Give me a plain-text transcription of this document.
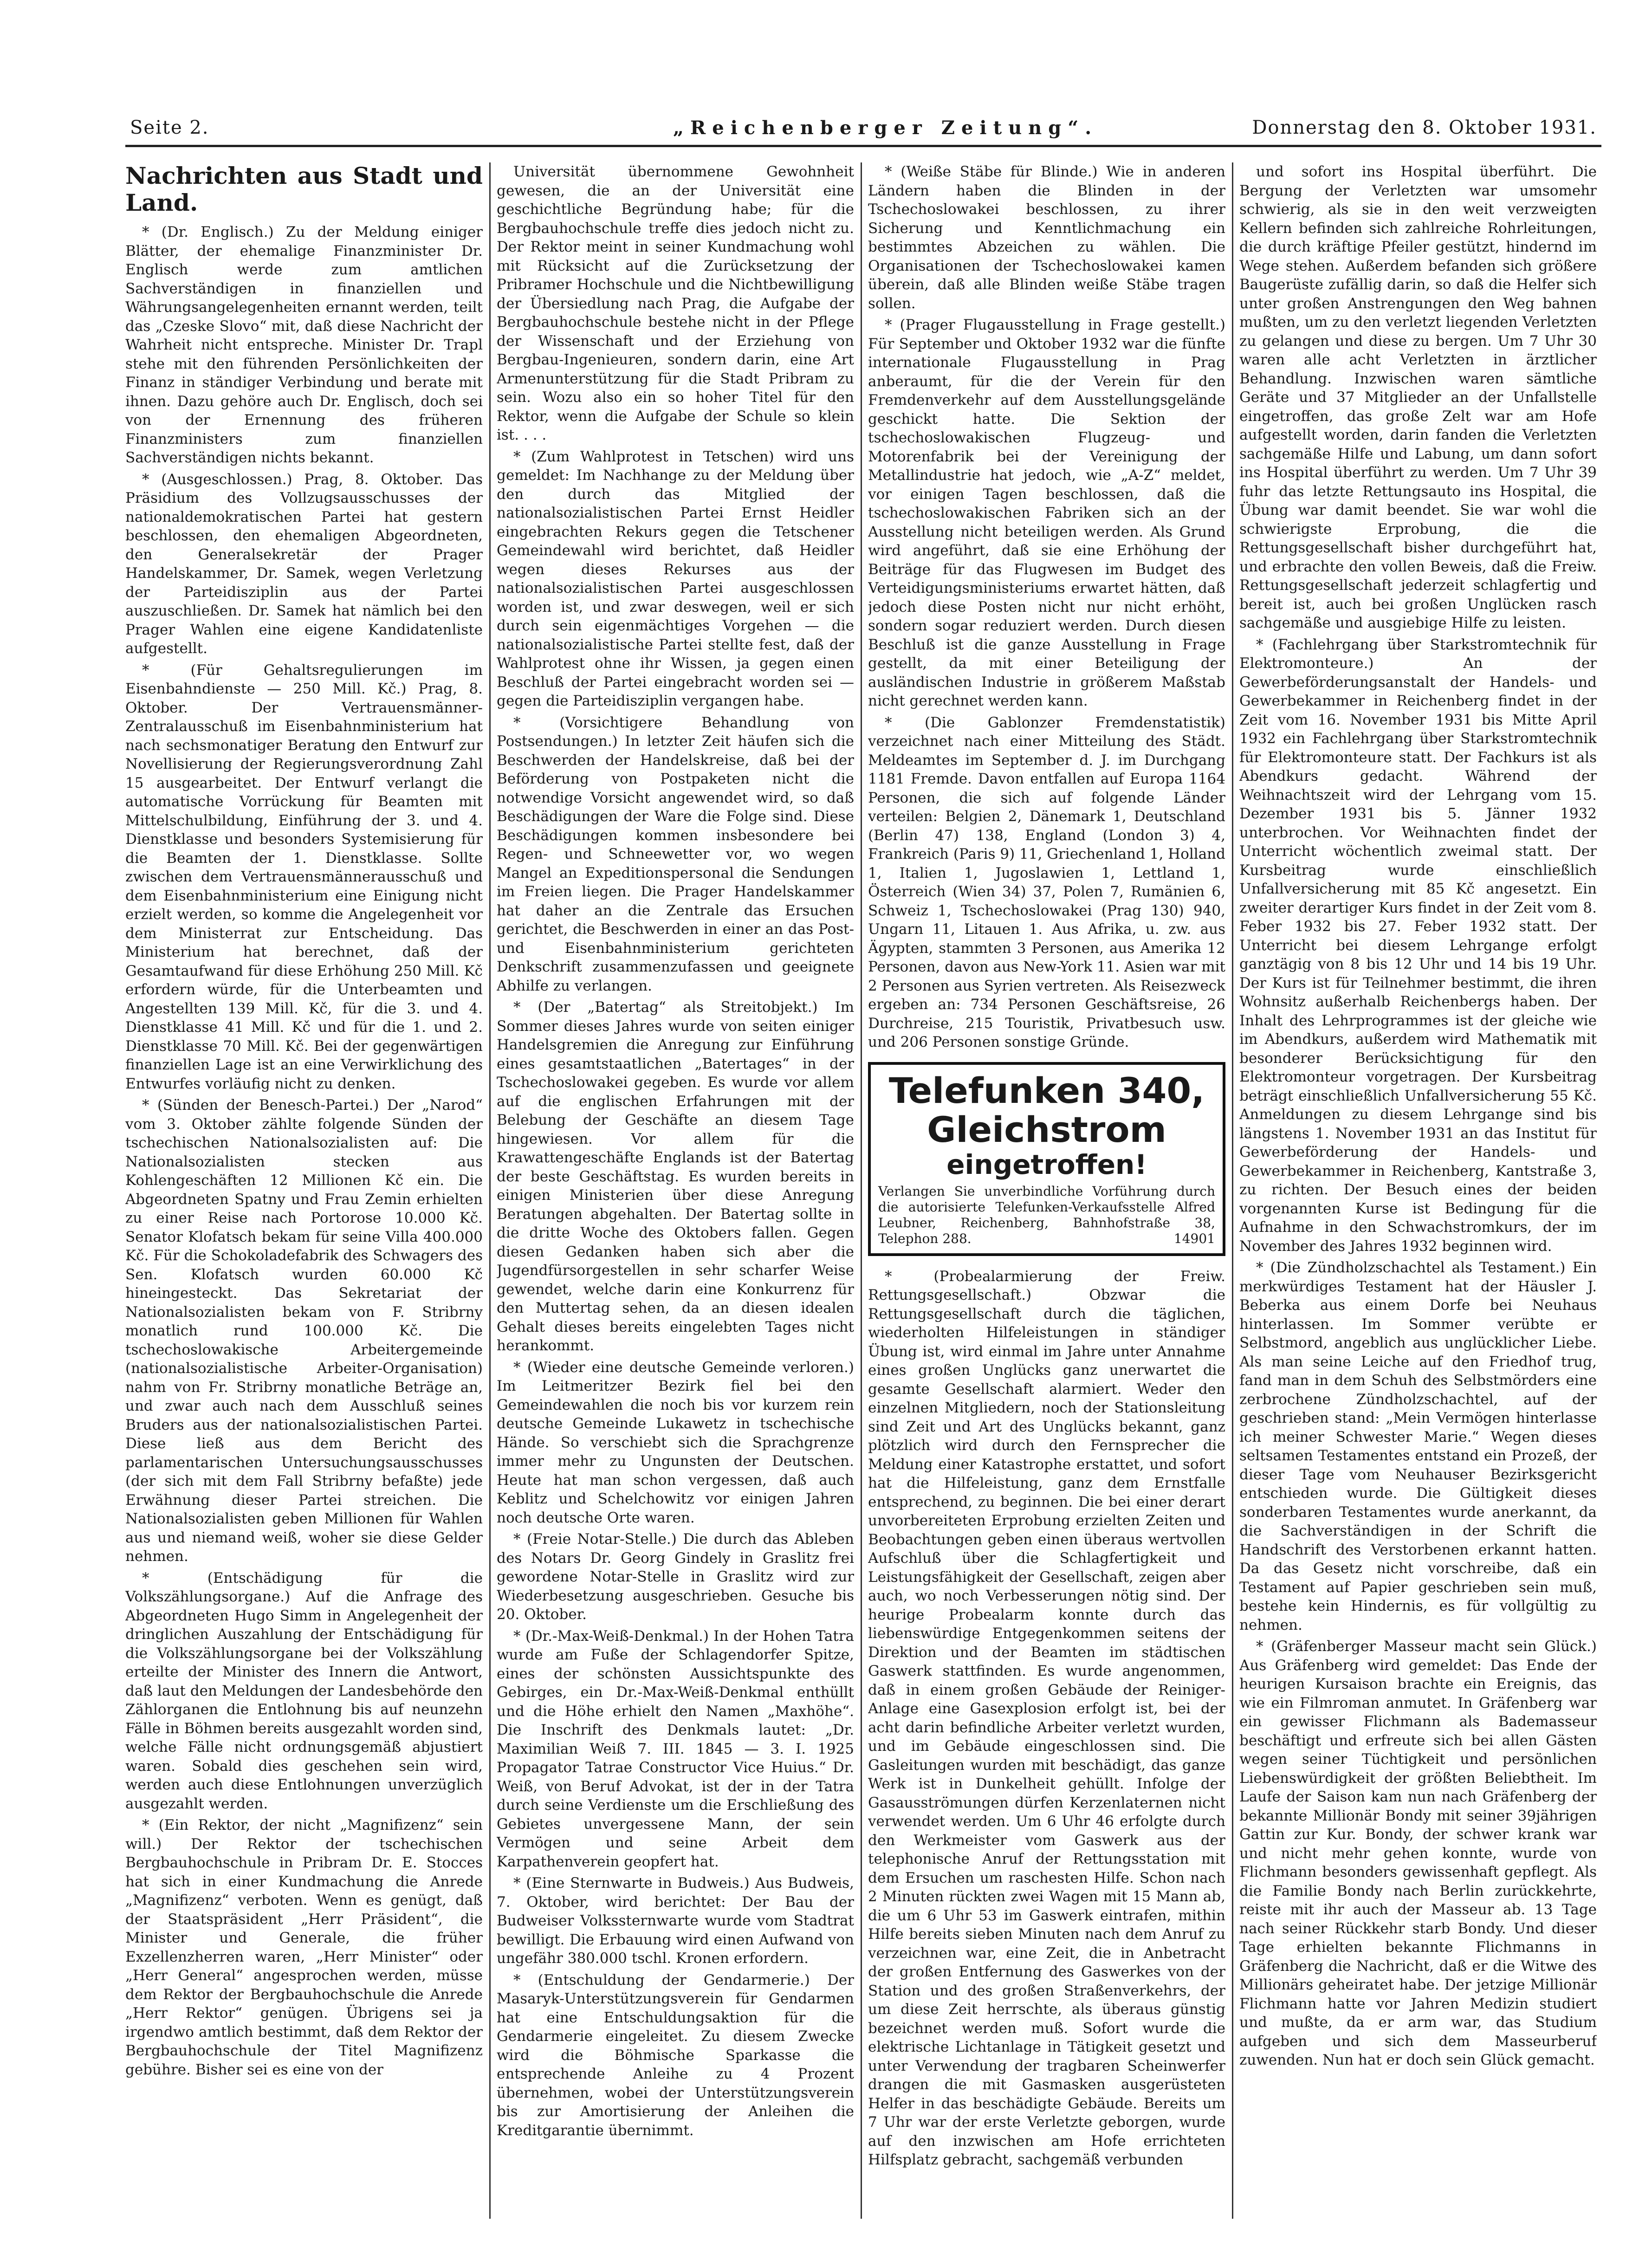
Seite 2.	„Reichenberger Zeitung“.	Donnerstag den 8. Oktober 1931.
Nachrichten aus Stadt und Land.

* (Dr. Englisch.) Zu der Meldung einiger Blätter, der ehemalige Finanzminister Dr. Englisch werde zum amtlichen Sachverständigen in finanziellen und Währungsangelegenheiten ernannt werden, teilt das „Czeske Slovo“ mit, daß diese Nachricht der Wahrheit nicht entspreche. Minister Dr. Trapl stehe mit den führenden Persönlichkeiten der Finanz in ständiger Verbindung und berate mit ihnen. Dazu gehöre auch Dr. Englisch, doch sei von der Ernennung des früheren Finanzministers zum finanziellen Sachverständigen nichts bekannt.

* (Ausgeschlossen.) Prag, 8. Oktober. Das Präsidium des Vollzugsausschusses der nationaldemokratischen Partei hat gestern beschlossen, den ehemaligen Abgeordneten, den Generalsekretär der Prager Handelskammer, Dr. Samek, wegen Verletzung der Parteidisziplin aus der Partei auszuschließen. Dr. Samek hat nämlich bei den Prager Wahlen eine eigene Kandidatenliste aufgestellt.

* (Für Gehaltsregulierungen im Eisenbahndienste — 250 Mill. Kč.) Prag, 8. Oktober. Der Vertrauensmänner-Zentralausschuß im Eisenbahnministerium hat nach sechsmonatiger Beratung den Entwurf zur Novellisierung der Regierungsverordnung Zahl 15 ausgearbeitet. Der Entwurf verlangt die automatische Vorrückung für Beamten mit Mittelschulbildung, Einführung der 3. und 4. Dienstklasse und besonders Systemisierung für die Beamten der 1. Dienstklasse. Sollte zwischen dem Vertrauensmännerausschuß und dem Eisenbahnministerium eine Einigung nicht erzielt werden, so komme die Angelegenheit vor dem Ministerrat zur Entscheidung. Das Ministerium hat berechnet, daß der Gesamtaufwand für diese Erhöhung 250 Mill. Kč erfordern würde, für die Unterbeamten und Angestellten 139 Mill. Kč, für die 3. und 4. Dienstklasse 41 Mill. Kč und für die 1. und 2. Dienstklasse 70 Mill. Kč. Bei der gegenwärtigen finanziellen Lage ist an eine Verwirklichung des Entwurfes vorläufig nicht zu denken.

* (Sünden der Benesch-Partei.) Der „Narod“ vom 3. Oktober zählte folgende Sünden der tschechischen Nationalsozialisten auf: Die Nationalsozialisten stecken aus Kohlengeschäften 12 Millionen Kč ein. Die Abgeordneten Spatny und Frau Zemin erhielten zu einer Reise nach Portorose 10.000 Kč. Senator Klofatsch bekam für seine Villa 400.000 Kč. Für die Schokoladefabrik des Schwagers des Sen. Klofatsch wurden 60.000 Kč hineingesteckt. Das Sekretariat der Nationalsozialisten bekam von F. Stribrny monatlich rund 100.000 Kč. Die tschechoslowakische Arbeitergemeinde (nationalsozialistische Arbeiter-Organisation) nahm von Fr. Stribrny monatliche Beträge an, und zwar auch nach dem Ausschluß seines Bruders aus der nationalsozialistischen Partei. Diese ließ aus dem Bericht des parlamentarischen Untersuchungsausschusses (der sich mit dem Fall Stribrny befaßte) jede Erwähnung dieser Partei streichen. Die Nationalsozialisten geben Millionen für Wahlen aus und niemand weiß, woher sie diese Gelder nehmen.

* (Entschädigung für die Volkszählungsorgane.) Auf die Anfrage des Abgeordneten Hugo Simm in Angelegenheit der dringlichen Auszahlung der Entschädigung für die Volkszählungsorgane bei der Volkszählung erteilte der Minister des Innern die Antwort, daß laut den Meldungen der Landesbehörde den Zählorganen die Entlohnung bis auf neunzehn Fälle in Böhmen bereits ausgezahlt worden sind, welche Fälle nicht ordnungsgemäß abjustiert waren. Sobald dies geschehen sein wird, werden auch diese Entlohnungen unverzüglich ausgezahlt werden.

* (Ein Rektor, der nicht „Magnifizenz“ sein will.) Der Rektor der tschechischen Bergbauhochschule in Pribram Dr. E. Stocces hat sich in einer Kundmachung die Anrede „Magnifizenz“ verboten. Wenn es genügt, daß der Staatspräsident „Herr Präsident“, die Minister und Generale, die früher Exzellenzherren waren, „Herr Minister“ oder „Herr General“ angesprochen werden, müsse dem Rektor der Bergbauhochschule die Anrede „Herr Rektor“ genügen. Übrigens sei ja irgendwo amtlich bestimmt, daß dem Rektor der Bergbauhochschule der Titel Magnifizenz gebühre. Bisher sei es eine von der

Universität übernommene Gewohnheit gewesen, die an der Universität eine geschichtliche Begründung habe; für die Bergbauhochschule treffe dies jedoch nicht zu. Der Rektor meint in seiner Kundmachung wohl mit Rücksicht auf die Zurücksetzung der Pribramer Hochschule und die Nichtbewilligung der Übersiedlung nach Prag, die Aufgabe der Bergbauhochschule bestehe nicht in der Pflege der Wissenschaft und der Erziehung von Bergbau-Ingenieuren, sondern darin, eine Art Armenunterstützung für die Stadt Pribram zu sein. Wozu also ein so hoher Titel für den Rektor, wenn die Aufgabe der Schule so klein ist. . . .

* (Zum Wahlprotest in Tetschen) wird uns gemeldet: Im Nachhange zu der Meldung über den durch das Mitglied der nationalsozialistischen Partei Ernst Heidler eingebrachten Rekurs gegen die Tetschener Gemeindewahl wird berichtet, daß Heidler wegen dieses Rekurses aus der nationalsozialistischen Partei ausgeschlossen worden ist, und zwar deswegen, weil er sich durch sein eigenmächtiges Vorgehen — die nationalsozialistische Partei stellte fest, daß der Wahlprotest ohne ihr Wissen, ja gegen einen Beschluß der Partei eingebracht worden sei — gegen die Parteidisziplin vergangen habe.

* (Vorsichtigere Behandlung von Postsendungen.) In letzter Zeit häufen sich die Beschwerden der Handelskreise, daß bei der Beförderung von Postpaketen nicht die notwendige Vorsicht angewendet wird, so daß Beschädigungen der Ware die Folge sind. Diese Beschädigungen kommen insbesondere bei Regen- und Schneewetter vor, wo wegen Mangel an Expeditionspersonal die Sendungen im Freien liegen. Die Prager Handelskammer hat daher an die Zentrale das Ersuchen gerichtet, die Beschwerden in einer an das Post- und Eisenbahnministerium gerichteten Denkschrift zusammenzufassen und geeignete Abhilfe zu verlangen.

* (Der „Batertag“ als Streitobjekt.) Im Sommer dieses Jahres wurde von seiten einiger Handelsgremien die Anregung zur Einführung eines gesamtstaatlichen „Batertages“ in der Tschechoslowakei gegeben. Es wurde vor allem auf die englischen Erfahrungen mit der Belebung der Geschäfte an diesem Tage hingewiesen. Vor allem für die Krawattengeschäfte Englands ist der Batertag der beste Geschäftstag. Es wurden bereits in einigen Ministerien über diese Anregung Beratungen abgehalten. Der Batertag sollte in die dritte Woche des Oktobers fallen. Gegen diesen Gedanken haben sich aber die Jugendfürsorgestellen in sehr scharfer Weise gewendet, welche darin eine Konkurrenz für den Muttertag sehen, da an diesen idealen Gehalt dieses bereits eingelebten Tages nicht herankommt.

* (Wieder eine deutsche Gemeinde verloren.) Im Leitmeritzer Bezirk fiel bei den Gemeindewahlen die noch bis vor kurzem rein deutsche Gemeinde Lukawetz in tschechische Hände. So verschiebt sich die Sprachgrenze immer mehr zu Ungunsten der Deutschen. Heute hat man schon vergessen, daß auch Keblitz und Schelchowitz vor einigen Jahren noch deutsche Orte waren.

* (Freie Notar-Stelle.) Die durch das Ableben des Notars Dr. Georg Gindely in Graslitz frei gewordene Notar-Stelle in Graslitz wird zur Wiederbesetzung ausgeschrieben. Gesuche bis 20. Oktober.

* (Dr.-Max-Weiß-Denkmal.) In der Hohen Tatra wurde am Fuße der Schlagendorfer Spitze, eines der schönsten Aussichtspunkte des Gebirges, ein Dr.-Max-Weiß-Denkmal enthüllt und die Höhe erhielt den Namen „Maxhöhe“. Die Inschrift des Denkmals lautet: „Dr. Maximilian Weiß 7. III. 1845 — 3. I. 1925 Propagator Tatrae Constructor Vice Huius.“ Dr. Weiß, von Beruf Advokat, ist der in der Tatra durch seine Verdienste um die Erschließung des Gebietes unvergessene Mann, der sein Vermögen und seine Arbeit dem Karpathenverein geopfert hat.

* (Eine Sternwarte in Budweis.) Aus Budweis, 7. Oktober, wird berichtet: Der Bau der Budweiser Volkssternwarte wurde vom Stadtrat bewilligt. Die Erbauung wird einen Aufwand von ungefähr 380.000 tschl. Kronen erfordern.

* (Entschuldung der Gendarmerie.) Der Masaryk-Unterstützungsverein für Gendarmen hat eine Entschuldungsaktion für die Gendarmerie eingeleitet. Zu diesem Zwecke wird die Böhmische Sparkasse die entsprechende Anleihe zu 4 Prozent übernehmen, wobei der Unterstützungsverein bis zur Amortisierung der Anleihen die Kreditgarantie übernimmt.

* (Weiße Stäbe für Blinde.) Wie in anderen Ländern haben die Blinden in der Tschechoslowakei beschlossen, zu ihrer Sicherung und Kenntlichmachung ein bestimmtes Abzeichen zu wählen. Die Organisationen der Tschechoslowakei kamen überein, daß alle Blinden weiße Stäbe tragen sollen.

* (Prager Flugausstellung in Frage gestellt.) Für September und Oktober 1932 war die fünfte internationale Flugausstellung in Prag anberaumt, für die der Verein für den Fremdenverkehr auf dem Ausstellungsgelände geschickt hatte. Die Sektion der tschechoslowakischen Flugzeug- und Motorenfabrik bei der Vereinigung der Metallindustrie hat jedoch, wie „A-Z“ meldet, vor einigen Tagen beschlossen, daß die tschechoslowakischen Fabriken sich an der Ausstellung nicht beteiligen werden. Als Grund wird angeführt, daß sie eine Erhöhung der Beiträge für das Flugwesen im Budget des Verteidigungsministeriums erwartet hätten, daß jedoch diese Posten nicht nur nicht erhöht, sondern sogar reduziert werden. Durch diesen Beschluß ist die ganze Ausstellung in Frage gestellt, da mit einer Beteiligung der ausländischen Industrie in größerem Maßstab nicht gerechnet werden kann.

* (Die Gablonzer Fremdenstatistik) verzeichnet nach einer Mitteilung des Städt. Meldeamtes im September d. J. im Durchgang 1181 Fremde. Davon entfallen auf Europa 1164 Personen, die sich auf folgende Länder verteilen: Belgien 2, Dänemark 1, Deutschland (Berlin 47) 138, England (London 3) 4, Frankreich (Paris 9) 11, Griechenland 1, Holland 1, Italien 1, Jugoslawien 1, Lettland 1, Österreich (Wien 34) 37, Polen 7, Rumänien 6, Schweiz 1, Tschechoslowakei (Prag 130) 940, Ungarn 11, Litauen 1. Aus Afrika, u. zw. aus Ägypten, stammten 3 Personen, aus Amerika 12 Personen, davon aus New-York 11. Asien war mit 2 Personen aus Syrien vertreten. Als Reisezweck ergeben an: 734 Personen Geschäftsreise, 26 Durchreise, 215 Touristik, Privatbesuch usw. und 206 Personen sonstige Gründe.

Telefunken 340, Gleichstrom
eingetroffen!
Verlangen Sie unverbindliche Vorführung durch die autorisierte Telefunken-Verkaufsstelle Alfred Leubner, Reichenberg, Bahnhofstraße 38, Telephon 288.	14901

* (Probealarmierung der Freiw. Rettungsgesellschaft.) Obzwar die Rettungsgesellschaft durch die täglichen, wiederholten Hilfeleistungen in ständiger Übung ist, wird einmal im Jahre unter Annahme eines großen Unglücks ganz unerwartet die gesamte Gesellschaft alarmiert. Weder den einzelnen Mitgliedern, noch der Stationsleitung sind Zeit und Art des Unglücks bekannt, ganz plötzlich wird durch den Fernsprecher die Meldung einer Katastrophe erstattet, und sofort hat die Hilfeleistung, ganz dem Ernstfalle entsprechend, zu beginnen. Die bei einer derart unvorbereiteten Erprobung erzielten Zeiten und Beobachtungen geben einen überaus wertvollen Aufschluß über die Schlagfertigkeit und Leistungsfähigkeit der Gesellschaft, zeigen aber auch, wo noch Verbesserungen nötig sind. Der heurige Probealarm konnte durch das liebenswürdige Entgegenkommen seitens der Direktion und der Beamten im städtischen Gaswerk stattfinden. Es wurde angenommen, daß in einem großen Gebäude der Reiniger-Anlage eine Gasexplosion erfolgt ist, bei der acht darin befindliche Arbeiter verletzt wurden, und im Gebäude eingeschlossen sind. Die Gasleitungen wurden mit beschädigt, das ganze Werk ist in Dunkelheit gehüllt. Infolge der Gasausströmungen dürfen Kerzenlaternen nicht verwendet werden. Um 6 Uhr 46 erfolgte durch den Werkmeister vom Gaswerk aus der telephonische Anruf der Rettungsstation mit dem Ersuchen um raschesten Hilfe. Schon nach 2 Minuten rückten zwei Wagen mit 15 Mann ab, die um 6 Uhr 53 im Gaswerk eintrafen, mithin Hilfe bereits sieben Minuten nach dem Anruf zu verzeichnen war, eine Zeit, die in Anbetracht der großen Entfernung des Gaswerkes von der Station und des großen Straßenverkehrs, der um diese Zeit herrschte, als überaus günstig bezeichnet werden muß. Sofort wurde die elektrische Lichtanlage in Tätigkeit gesetzt und unter Verwendung der tragbaren Scheinwerfer drangen die mit Gasmasken ausgerüsteten Helfer in das beschädigte Gebäude. Bereits um 7 Uhr war der erste Verletzte geborgen, wurde auf den inzwischen am Hofe errichteten Hilfsplatz gebracht, sachgemäß verbunden

und sofort ins Hospital überführt. Die Bergung der Verletzten war umsomehr schwierig, als sie in den weit verzweigten Kellern befinden sich zahlreiche Rohrleitungen, die durch kräftige Pfeiler gestützt, hindernd im Wege stehen. Außerdem befanden sich größere Baugerüste zufällig darin, so daß die Helfer sich unter großen Anstrengungen den Weg bahnen mußten, um zu den verletzt liegenden Verletzten zu gelangen und diese zu bergen. Um 7 Uhr 30 waren alle acht Verletzten in ärztlicher Behandlung. Inzwischen waren sämtliche Geräte und 37 Mitglieder an der Unfallstelle eingetroffen, das große Zelt war am Hofe aufgestellt worden, darin fanden die Verletzten sachgemäße Hilfe und Labung, um dann sofort ins Hospital überführt zu werden. Um 7 Uhr 39 fuhr das letzte Rettungsauto ins Hospital, die Übung war damit beendet. Sie war wohl die schwierigste Erprobung, die die Rettungsgesellschaft bisher durchgeführt hat, und erbrachte den vollen Beweis, daß die Freiw. Rettungsgesellschaft jederzeit schlagfertig und bereit ist, auch bei großen Unglücken rasch sachgemäße und ausgiebige Hilfe zu leisten.

* (Fachlehrgang über Starkstromtechnik für Elektromonteure.) An der Gewerbeförderungsanstalt der Handels- und Gewerbekammer in Reichenberg findet in der Zeit vom 16. November 1931 bis Mitte April 1932 ein Fachlehrgang über Starkstromtechnik für Elektromonteure statt. Der Fachkurs ist als Abendkurs gedacht. Während der Weihnachtszeit wird der Lehrgang vom 15. Dezember 1931 bis 5. Jänner 1932 unterbrochen. Vor Weihnachten findet der Unterricht wöchentlich zweimal statt. Der Kursbeitrag wurde einschließlich Unfallversicherung mit 85 Kč angesetzt. Ein zweiter derartiger Kurs findet in der Zeit vom 8. Feber 1932 bis 27. Feber 1932 statt. Der Unterricht bei diesem Lehrgange erfolgt ganztägig von 8 bis 12 Uhr und 14 bis 19 Uhr. Der Kurs ist für Teilnehmer bestimmt, die ihren Wohnsitz außerhalb Reichenbergs haben. Der Inhalt des Lehrprogrammes ist der gleiche wie im Abendkurs, außerdem wird Mathematik mit besonderer Berücksichtigung für den Elektromonteur vorgetragen. Der Kursbeitrag beträgt einschließlich Unfallversicherung 55 Kč. Anmeldungen zu diesem Lehrgange sind bis längstens 1. November 1931 an das Institut für Gewerbeförderung der Handels- und Gewerbekammer in Reichenberg, Kantstraße 3, zu richten. Der Besuch eines der beiden vorgenannten Kurse ist Bedingung für die Aufnahme in den Schwachstromkurs, der im November des Jahres 1932 beginnen wird.

* (Die Zündholzschachtel als Testament.) Ein merkwürdiges Testament hat der Häusler J. Beberka aus einem Dorfe bei Neuhaus hinterlassen. Im Sommer verübte er Selbstmord, angeblich aus unglücklicher Liebe. Als man seine Leiche auf den Friedhof trug, fand man in dem Schuh des Selbstmörders eine zerbrochene Zündholzschachtel, auf der geschrieben stand: „Mein Vermögen hinterlasse ich meiner Schwester Marie.“ Wegen dieses seltsamen Testamentes entstand ein Prozeß, der dieser Tage vom Neuhauser Bezirksgericht entschieden wurde. Die Gültigkeit dieses sonderbaren Testamentes wurde anerkannt, da die Sachverständigen in der Schrift die Handschrift des Verstorbenen erkannt hatten. Da das Gesetz nicht vorschreibe, daß ein Testament auf Papier geschrieben sein muß, bestehe kein Hindernis, es für vollgültig zu nehmen.

* (Gräfenberger Masseur macht sein Glück.) Aus Gräfenberg wird gemeldet: Das Ende der heurigen Kursaison brachte ein Ereignis, das wie ein Filmroman anmutet. In Gräfenberg war ein gewisser Flichmann als Bademasseur beschäftigt und erfreute sich bei allen Gästen wegen seiner Tüchtigkeit und persönlichen Liebenswürdigkeit der größten Beliebtheit. Im Laufe der Saison kam nun nach Gräfenberg der bekannte Millionär Bondy mit seiner 39jährigen Gattin zur Kur. Bondy, der schwer krank war und nicht mehr gehen konnte, wurde von Flichmann besonders gewissenhaft gepflegt. Als die Familie Bondy nach Berlin zurückkehrte, reiste mit ihr auch der Masseur ab. 13 Tage nach seiner Rückkehr starb Bondy. Und dieser Tage erhielten bekannte Flichmanns in Gräfenberg die Nachricht, daß er die Witwe des Millionärs geheiratet habe. Der jetzige Millionär Flichmann hatte vor Jahren Medizin studiert und mußte, da er arm war, das Studium aufgeben und sich dem Masseurberuf zuwenden. Nun hat er doch sein Glück gemacht.
